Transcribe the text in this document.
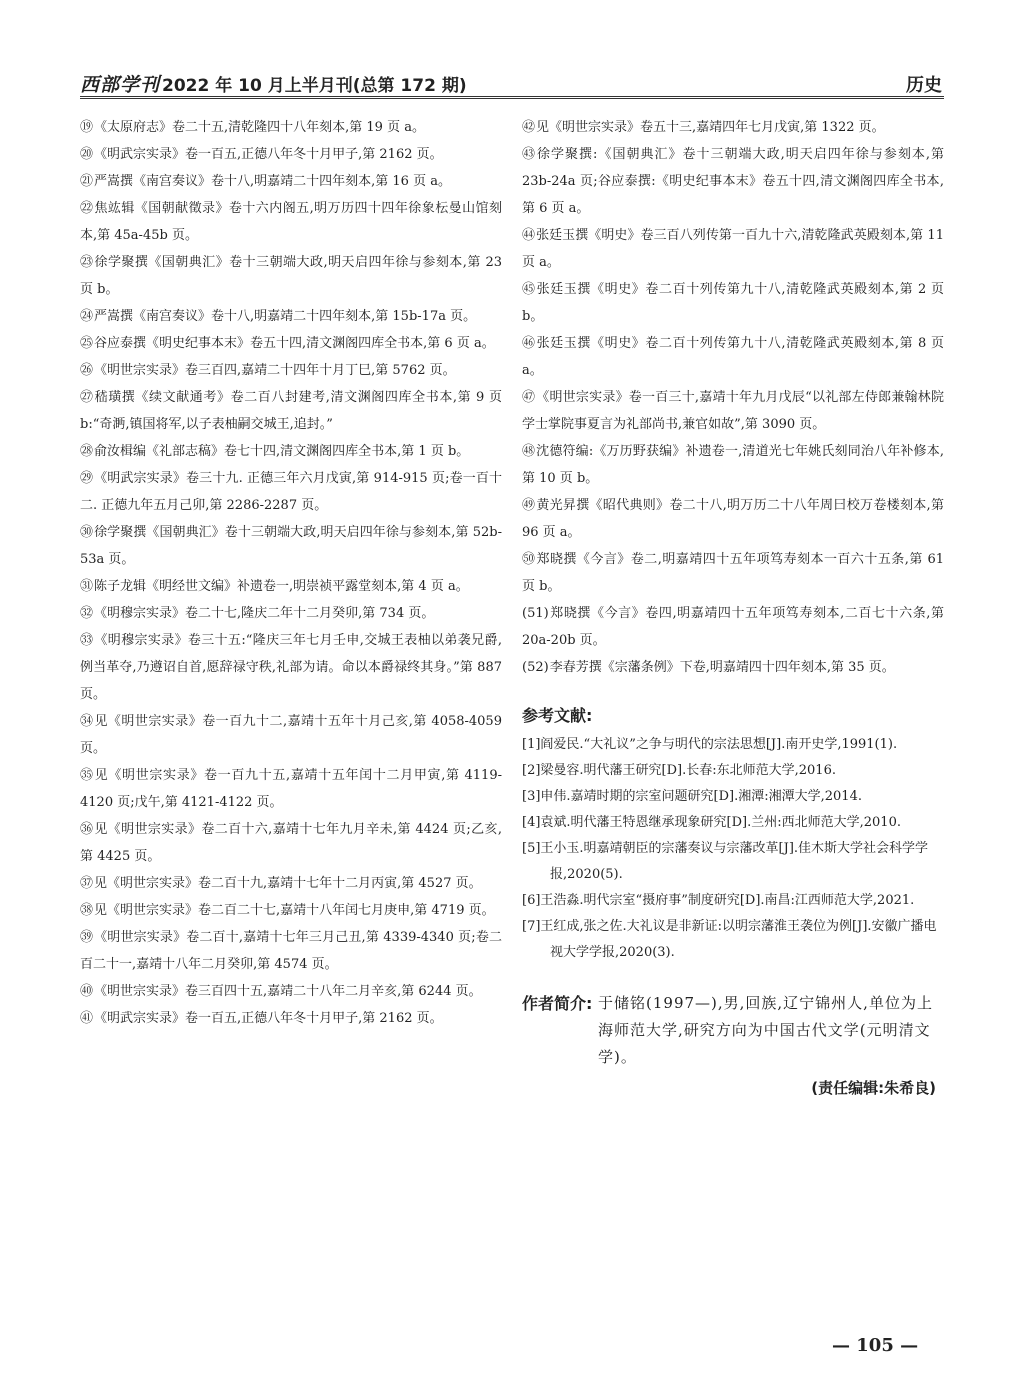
西部学刊 2022 年 10 月上半月刊(总第 172 期)	历史
⑲《太原府志》卷二十五,清乾隆四十八年刻本,第 19 页 a。
⑳《明武宗实录》卷一百五,正德八年冬十月甲子,第 2162 页。
㉑严嵩撰《南宫奏议》卷十八,明嘉靖二十四年刻本,第 16 页 a。
㉒焦竑辑《国朝献徵录》卷十六内阁五,明万历四十四年徐象枟曼山馆刻本,第 45a-45b 页。
㉓徐学聚撰《国朝典汇》卷十三朝端大政,明天启四年徐与参刻本,第 23 页 b。
㉔严嵩撰《南宫奏议》卷十八,明嘉靖二十四年刻本,第 15b-17a 页。
㉕谷应泰撰《明史纪事本末》卷五十四,清文渊阁四库全书本,第 6 页 a。
㉖《明世宗实录》卷三百四,嘉靖二十四年十月丁巳,第 5762 页。
㉗嵇璜撰《续文献通考》卷二百八封建考,清文渊阁四库全书本,第 9 页 b:“奇㴐,镇国将军,以子表柚嗣交城王,追封。”
㉘俞汝楫编《礼部志稿》卷七十四,清文渊阁四库全书本,第 1 页 b。
㉙《明武宗实录》卷三十九. 正德三年六月戊寅,第 914-915 页;卷一百十二. 正德九年五月己卯,第 2286-2287 页。
㉚徐学聚撰《国朝典汇》卷十三朝端大政,明天启四年徐与参刻本,第 52b-53a 页。
㉛陈子龙辑《明经世文编》补遗卷一,明崇祯平露堂刻本,第 4 页 a。
㉜《明穆宗实录》卷二十七,隆庆二年十二月癸卯,第 734 页。
㉝《明穆宗实录》卷三十五:“隆庆三年七月壬申,交城王表柚以弟袭兄爵,例当革夺,乃遵诏自首,愿辞禄守秩,礼部为请。命以本爵禄终其身。”第 887 页。
㉞见《明世宗实录》卷一百九十二,嘉靖十五年十月己亥,第 4058-4059 页。
㉟见《明世宗实录》卷一百九十五,嘉靖十五年闰十二月甲寅,第 4119-4120 页;戊午,第 4121-4122 页。
㊱见《明世宗实录》卷二百十六,嘉靖十七年九月辛未,第 4424 页;乙亥,第 4425 页。
㊲见《明世宗实录》卷二百十九,嘉靖十七年十二月丙寅,第 4527 页。
㊳见《明世宗实录》卷二百二十七,嘉靖十八年闰七月庚申,第 4719 页。
㊴《明世宗实录》卷二百十,嘉靖十七年三月己丑,第 4339-4340 页;卷二百二十一,嘉靖十八年二月癸卯,第 4574 页。
㊵《明世宗实录》卷三百四十五,嘉靖二十八年二月辛亥,第 6244 页。
㊶《明武宗实录》卷一百五,正德八年冬十月甲子,第 2162 页。
㊷见《明世宗实录》卷五十三,嘉靖四年七月戊寅,第 1322 页。
㊸徐学聚撰:《国朝典汇》卷十三朝端大政,明天启四年徐与参刻本,第 23b-24a 页;谷应泰撰:《明史纪事本末》卷五十四,清文渊阁四库全书本,第 6 页 a。
㊹张廷玉撰《明史》卷三百八列传第一百九十六,清乾隆武英殿刻本,第 11 页 a。
㊺张廷玉撰《明史》卷二百十列传第九十八,清乾隆武英殿刻本,第 2 页 b。
㊻张廷玉撰《明史》卷二百十列传第九十八,清乾隆武英殿刻本,第 8 页 a。
㊼《明世宗实录》卷一百三十,嘉靖十年九月戊辰“以礼部左侍郎兼翰林院学士掌院事夏言为礼部尚书,兼官如故”,第 3090 页。
㊽沈德符编:《万历野获编》补遗卷一,清道光七年姚氏刻同治八年补修本,第 10 页 b。
㊾黄光昇撰《昭代典则》卷二十八,明万历二十八年周曰校万卷楼刻本,第 96 页 a。
㊿郑晓撰《今言》卷二,明嘉靖四十五年项笃寿刻本一百六十五条,第 61 页 b。
(51)郑晓撰《今言》卷四,明嘉靖四十五年项笃寿刻本,二百七十六条,第 20a-20b 页。
(52)李春芳撰《宗藩条例》下卷,明嘉靖四十四年刻本,第 35 页。
参考文献:
[1]阎爱民.“大礼议”之争与明代的宗法思想[J].南开史学,1991(1).
[2]梁曼容.明代藩王研究[D].长春:东北师范大学,2016.
[3]申伟.嘉靖时期的宗室问题研究[D].湘潭:湘潭大学,2014.
[4]袁斌.明代藩王特恩继承现象研究[D].兰州:西北师范大学,2010.
[5]王小玉.明嘉靖朝臣的宗藩奏议与宗藩改革[J].佳木斯大学社会科学学报,2020(5).
[6]王浩淼.明代宗室“摄府事”制度研究[D].南昌:江西师范大学,2021.
[7]王红成,张之佐.大礼议是非新证:以明宗藩淮王袭位为例[J].安徽广播电视大学学报,2020(3).
作者简介: 于储铭(1997—),男,回族,辽宁锦州人,单位为上海师范大学,研究方向为中国古代文学(元明清文学)。
(责任编辑:朱希良)
— 105 —
